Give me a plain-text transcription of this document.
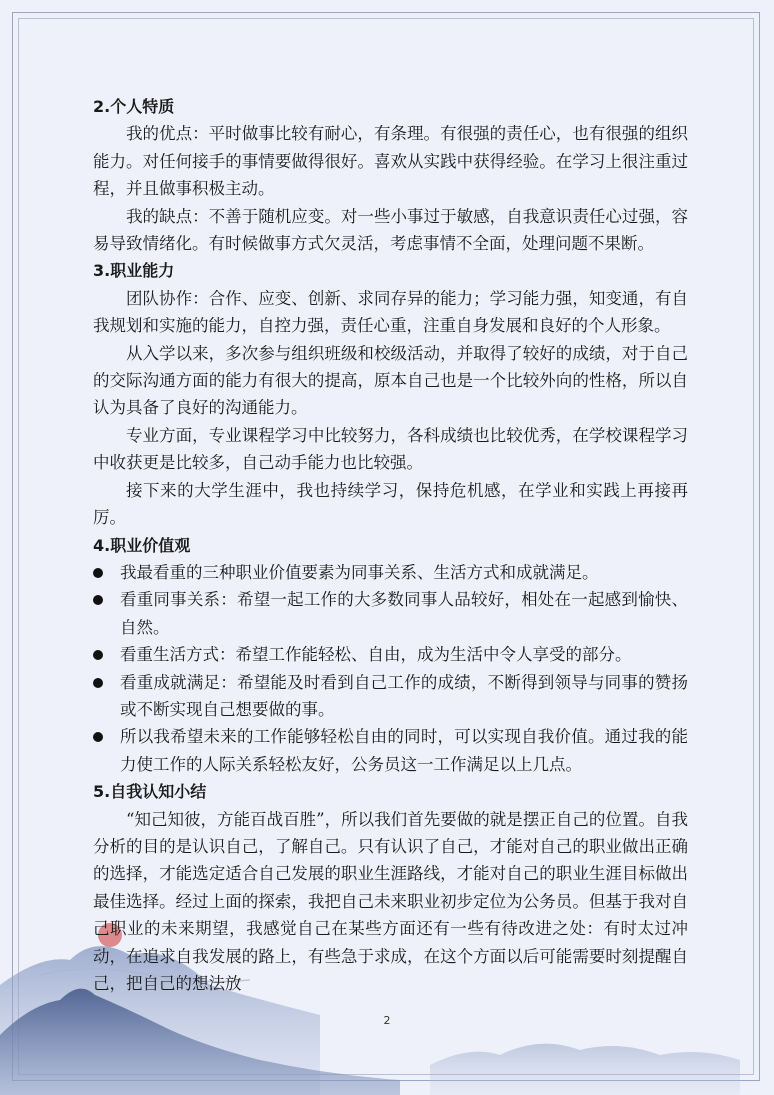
2.个人特质

我的优点：平时做事比较有耐心，有条理。有很强的责任心，也有很强的组织能力。对任何接手的事情要做得很好。喜欢从实践中获得经验。在学习上很注重过程，并且做事积极主动。

我的缺点：不善于随机应变。对一些小事过于敏感，自我意识责任心过强，容易导致情绪化。有时候做事方式欠灵活，考虑事情不全面，处理问题不果断。

3.职业能力

团队协作：合作、应变、创新、求同存异的能力；学习能力强，知变通，有自我规划和实施的能力，自控力强，责任心重，注重自身发展和良好的个人形象。

从入学以来，多次参与组织班级和校级活动，并取得了较好的成绩，对于自己的交际沟通方面的能力有很大的提高，原本自己也是一个比较外向的性格，所以自认为具备了良好的沟通能力。

专业方面，专业课程学习中比较努力，各科成绩也比较优秀，在学校课程学习中收获更是比较多，自己动手能力也比较强。

接下来的大学生涯中，我也持续学习，保持危机感，在学业和实践上再接再厉。

4.职业价值观
我最看重的三种职业价值要素为同事关系、生活方式和成就满足。
看重同事关系：希望一起工作的大多数同事人品较好，相处在一起感到愉快、自然。
看重生活方式：希望工作能轻松、自由，成为生活中令人享受的部分。
看重成就满足：希望能及时看到自己工作的成绩，不断得到领导与同事的赞扬或不断实现自己想要做的事。
所以我希望未来的工作能够轻松自由的同时，可以实现自我价值。通过我的能力使工作的人际关系轻松友好，公务员这一工作满足以上几点。
5.自我认知小结

“知己知彼，方能百战百胜”，所以我们首先要做的就是摆正自己的位置。自我分析的目的是认识自己，了解自己。只有认识了自己，才能对自己的职业做出正确的选择，才能选定适合自己发展的职业生涯路线，才能对自己的职业生涯目标做出最佳选择。经过上面的探索，我把自己未来职业初步定位为公务员。但基于我对自己职业的未来期望，我感觉自己在某些方面还有一些有待改进之处：有时太过冲动，在追求自我发展的路上，有些急于求成，在这个方面以后可能需要时刻提醒自己，把自己的想法放

2
